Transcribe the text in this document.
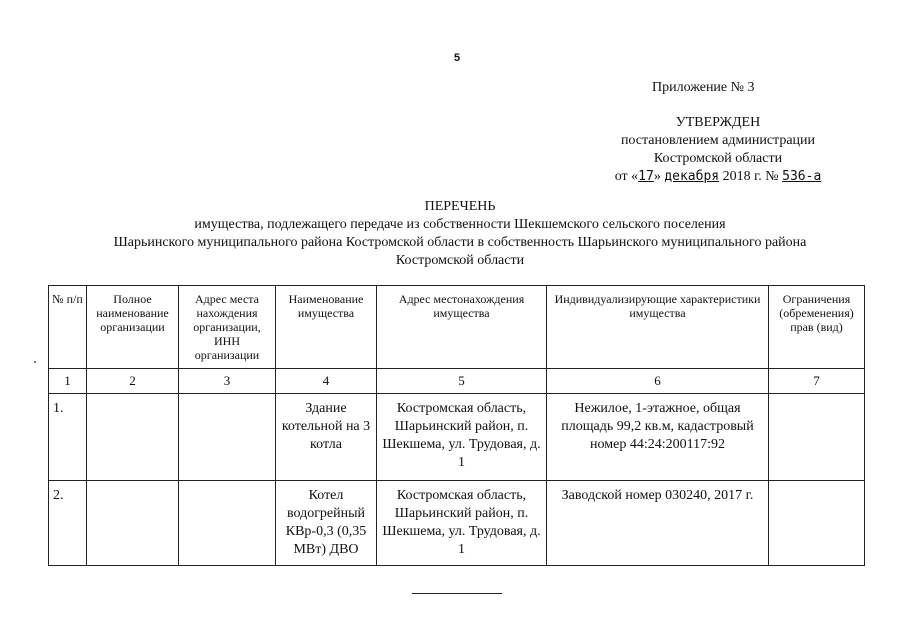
5
Приложение № 3
УТВЕРЖДЕН
постановлением администрации
Костромской области
от «17» декабря 2018 г. № 536-а
ПЕРЕЧЕНЬ
имущества, подлежащего передаче из собственности Шекшемского сельского поселения
Шарьинского муниципального района Костромской области в собственность Шарьинского муниципального района
Костромской области
№ п/п	Полное наименование организации	Адрес места нахождения организации, ИНН организации	Наименование имущества	Адрес местонахождения имущества	Индивидуализирующие характеристики имущества	Ограничения (обременения) прав (вид)
1	2	3	4	5	6	7
1.			Здание котельной на 3 котла	Костромская область, Шарьинский район, п. Шекшема, ул. Трудовая, д. 1	Нежилое, 1-этажное, общая площадь 99,2 кв.м, кадастровый номер 44:24:200117:92	
2.			Котел водогрейный КВр-0,3 (0,35 МВт) ДВО	Костромская область, Шарьинский район, п. Шекшема, ул. Трудовая, д. 1	Заводской номер 030240, 2017 г.	
